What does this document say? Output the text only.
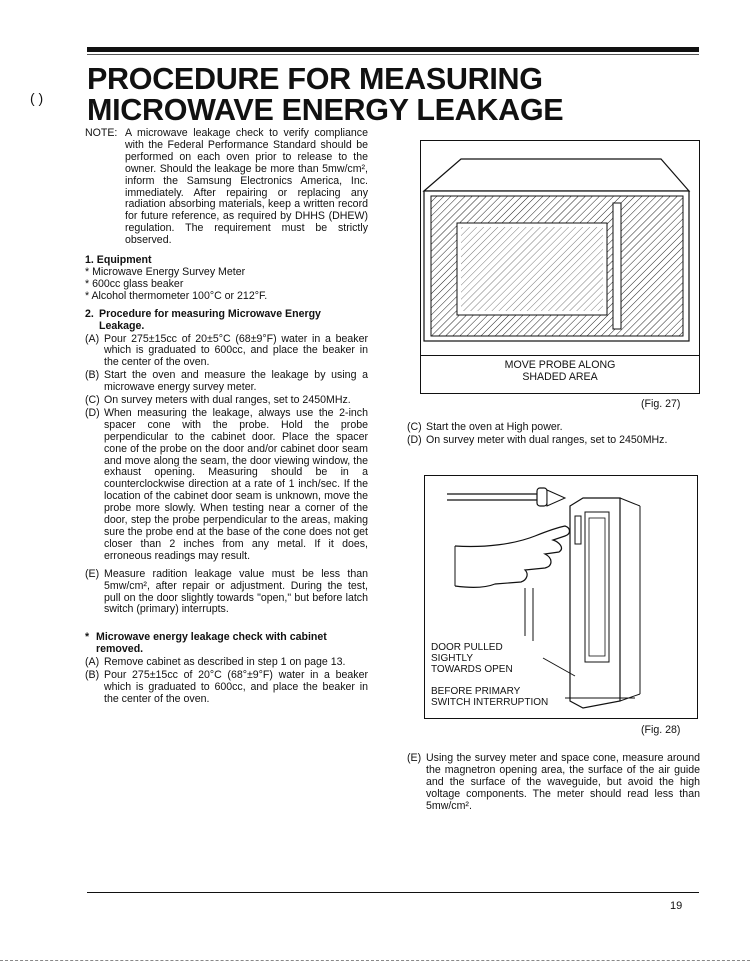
( )
PROCEDURE FOR MEASURING MICROWAVE ENERGY LEAKAGE
NOTE: A microwave leakage check to verify compliance with the Federal Performance Standard should be performed on each oven prior to release to the owner. Should the leakage be more than 5mw/cm², inform the Samsung Electronics America, Inc. immediately. After repairing or replacing any radiation absorbing materials, keep a written record for future reference, as required by DHHS (DHEW) regulation. The requirement must be strictly observed.
1. Equipment
* Microwave Energy Survey Meter
* 600cc glass beaker
* Alcohol thermometer 100°C or 212°F.
2. Procedure for measuring Microwave Energy Leakage.
(A) Pour 275±15cc of 20±5°C (68±9°F) water in a beaker which is graduated to 600cc, and place the beaker in the center of the oven.
(B) Start the oven and measure the leakage by using a microwave energy survey meter.
(C) On survey meters with dual ranges, set to 2450MHz.
(D) When measuring the leakage, always use the 2-inch spacer cone with the probe. Hold the probe perpendicular to the cabinet door. Place the spacer cone of the probe on the door and/or cabinet door seam and move along the seam, the door viewing window, the exhaust opening. Measuring should be in a counterclockwise direction at a rate of 1 inch/sec. If the location of the cabinet door seam is unknown, move the probe more slowly. When testing near a corner of the door, step the probe perpendicular to the areas, making sure the probe end at the base of the cone does not get closer than 2 inches from any metal. If it does, erroneous readings may result.
(E) Measure radition leakage value must be less than 5mw/cm², after repair or adjustment. During the test, pull on the door slightly towards "open," but before latch switch (primary) interrupts.
* Microwave energy leakage check with cabinet removed.
(A) Remove cabinet as described in step 1 on page 13.
(B) Pour 275±15cc of 20°C (68°±9°F) water in a beaker which is graduated to 600cc, and place the beaker in the center of the oven.
MOVE PROBE ALONG
SHADED AREA
(Fig. 27)
(C) Start the oven at High power.
(D) On survey meter with dual ranges, set to 2450MHz.
DOOR PULLED
SIGHTLY
TOWARDS OPEN
BEFORE PRIMARY
SWITCH INTERRUPTION
(Fig. 28)
(E) Using the survey meter and space cone, measure around the magnetron opening area, the surface of the air guide and the surface of the waveguide, but avoid the high voltage components. The meter should read less than 5mw/cm².
19
